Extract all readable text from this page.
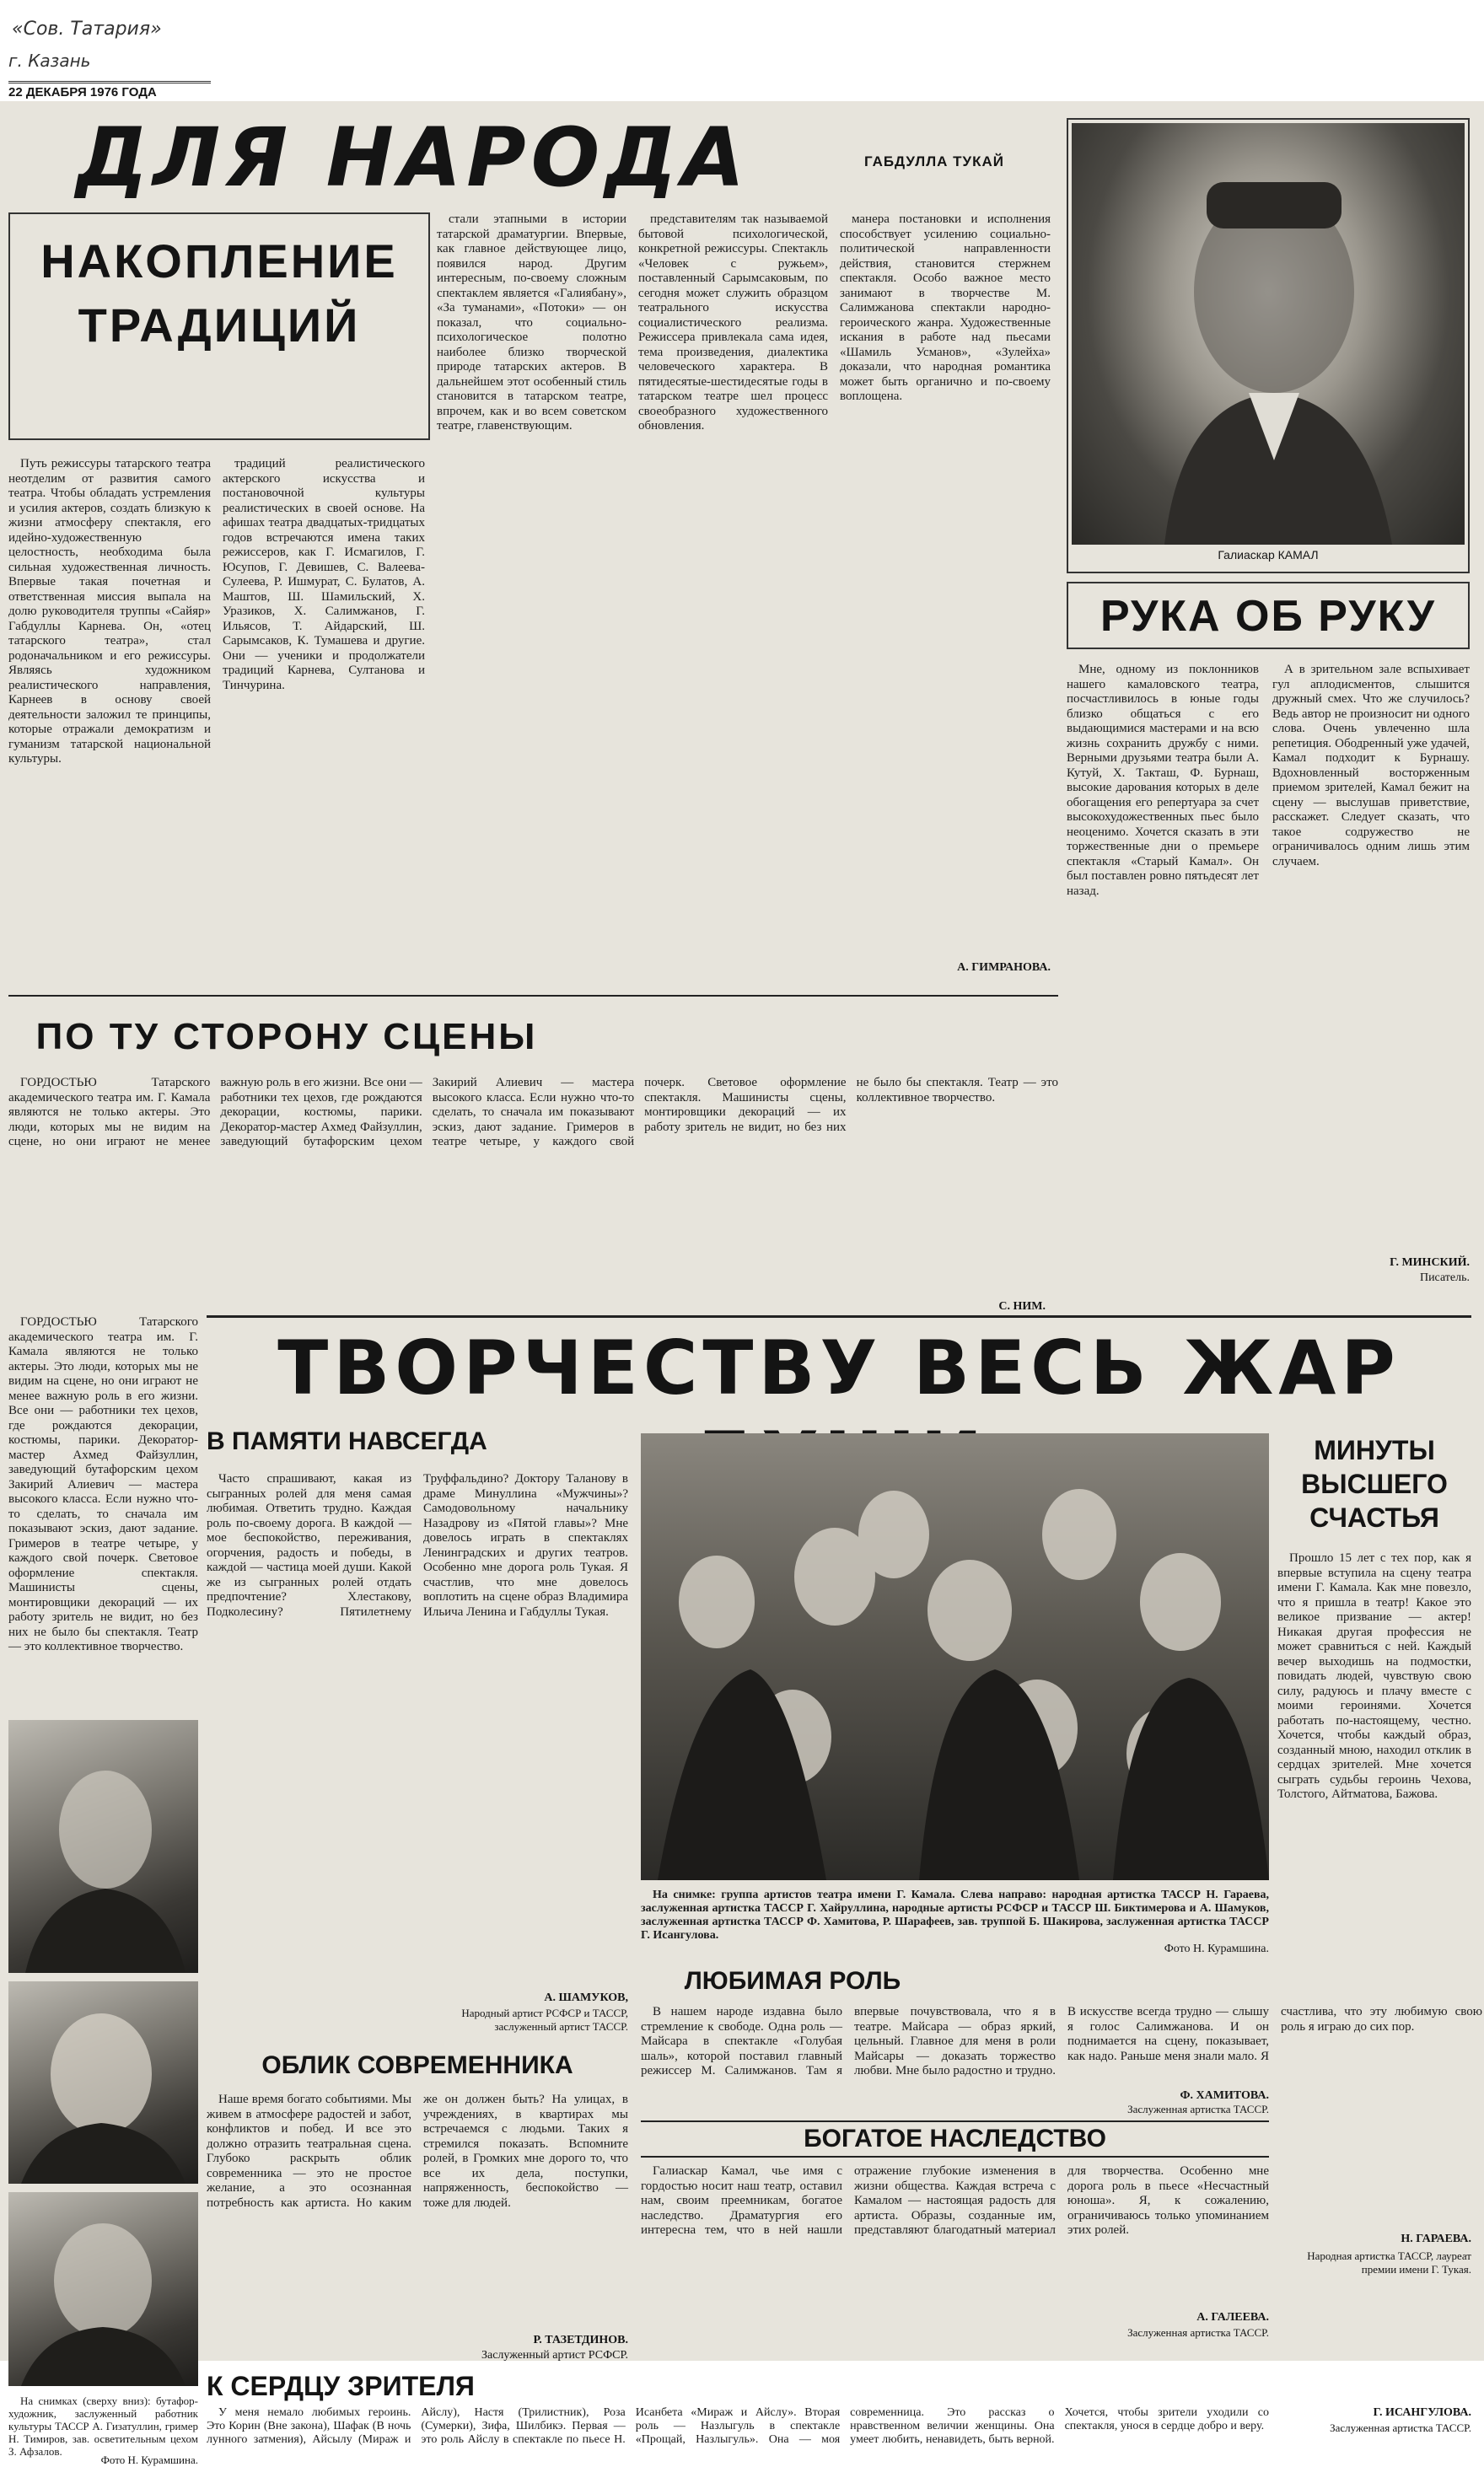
«Сов. Татария»
г. Казань
22 ДЕКАБРЯ 1976 ГОДА
ДЛЯ НАРОДА	ГАБДУЛЛА ТУКАЙ
НАКОПЛЕНИЕ
ТРАДИЦИЙ

Путь режиссуры татарского театра неотделим от развития самого театра. Чтобы обладать устремления и усилия актеров, создать близкую к жизни атмосферу спектакля, его идейно-художественную целостность, необходима была сильная художественная личность. Впервые такая почетная и ответственная миссия выпала на долю руководителя труппы «Сайяр» Габдуллы Карнева. Он, «отец татарского театра», стал родоначальником и его режиссуры. Являясь художником реалистического направления, Карнеев в основу своей деятельности заложил те принципы, которые отражали демократизм и гуманизм татарской национальной культуры.

традиций реалистического актерского искусства и постановочной культуры реалистических в своей основе. На афишах театра двадцатых-тридцатых годов встречаются имена таких режиссеров, как Г. Исмагилов, Г. Юсупов, Г. Девишев, С. Валеева-Сулеева, Р. Ишмурат, С. Булатов, А. Маштов, Ш. Шамильский, Х. Уразиков, Х. Салимжанов, Г. Ильясов, Т. Айдарский, Ш. Сарымсаков, К. Тумашева и другие. Они — ученики и продолжатели традиций Карнева, Султанова и Тинчурина.

стали этапными в истории татарской драматургии. Впервые, как главное действующее лицо, появился народ. Другим интересным, по-своему сложным спектаклем является «Галиябану», «За туманами», «Потоки» — он показал, что социально-психологическое полотно наиболее близко творческой природе татарских актеров. В дальнейшем этот особенный стиль становится в татарском театре, впрочем, как и во всем советском театре, главенствующим.

представителям так называемой бытовой психологической, конкретной режиссуры. Спектакль «Человек с ружьем», поставленный Сарымсаковым, по сегодня может служить образцом театрального искусства социалистического реализма. Режиссера привлекала сама идея, тема произведения, диалектика человеческого характера. В пятидесятые-шестидесятые годы в татарском театре шел процесс своеобразного художественного обновления.

манера постановки и исполнения способствует усилению социально-политической направленности действия, становится стержнем спектакля. Особо важное место занимают в творчестве М. Салимжанова спектакли народно-героического жанра. Художественные искания в работе над пьесами «Шамиль Усманов», «Зулейха» доказали, что народная романтика может быть органично и по-своему воплощена.

А. ГИМРАНОВА.
Галиаскар КАМАЛ
РУКА ОБ РУКУ

Мне, одному из поклонников нашего камаловского театра, посчастливилось в юные годы близко общаться с его выдающимися мастерами и на всю жизнь сохранить дружбу с ними. Верными друзьями театра были А. Кутуй, Х. Такташ, Ф. Бурнаш, высокие дарования которых в деле обогащения его репертуара за счет высокохудожественных пьес было неоценимо. Хочется сказать в эти торжественные дни о премьере спектакля «Старый Камал». Он был поставлен ровно пятьдесят лет назад.

А в зрительном зале вспыхивает гул аплодисментов, слышится дружный смех. Что же случилось? Ведь автор не произносит ни одного слова. Очень увлеченно шла репетиция. Ободренный уже удачей, Камал подходит к Бурнашу. Вдохновленный восторженным приемом зрителей, Камал бежит на сцену — выслушав приветствие, расскажет. Следует сказать, что такое содружество не ограничивалось одним лишь этим случаем.

Г. МИНСКИЙ.
Писатель.
ПО ТУ СТОРОНУ СЦЕНЫ

ГОРДОСТЬЮ Татарского академического театра им. Г. Камала являются не только актеры. Это люди, которых мы не видим на сцене, но они играют не менее важную роль в его жизни. Все они — работники тех цехов, где рождаются декорации, костюмы, парики. Декоратор-мастер Ахмед Файзуллин, заведующий бутафорским цехом Закирий Алиевич — мастера высокого класса. Если нужно что-то сделать, то сначала им показывают эскиз, дают задание. Гримеров в театре четыре, у каждого свой почерк. Световое оформление спектакля. Машинисты сцены, монтировщики декораций — их работу зритель не видит, но без них не было бы спектакля. Театр — это коллективное творчество.

С. НИМ.

ГОРДОСТЬЮ Татарского академического театра им. Г. Камала являются не только актеры. Это люди, которых мы не видим на сцене, но они играют не менее важную роль в его жизни. Все они — работники тех цехов, где рождаются декорации, костюмы, парики. Декоратор-мастер Ахмед Файзуллин, заведующий бутафорским цехом Закирий Алиевич — мастера высокого класса. Если нужно что-то сделать, то сначала им показывают эскиз, дают задание. Гримеров в театре четыре, у каждого свой почерк. Световое оформление спектакля. Машинисты сцены, монтировщики декораций — их работу зритель не видит, но без них не было бы спектакля. Театр — это коллективное творчество.

На снимках (сверху вниз): бутафор-художник, заслуженный работник культуры ТАССР А. Гизатуллин, гример Н. Тимиров, зав. осветительным цехом З. Афзалов.

Фото Н. Курамшина.
ТВОРЧЕСТВУ ВЕСЬ ЖАР
В ПАМЯТИ НАВСЕГДА

Часто спрашивают, какая из сыгранных ролей для меня самая любимая. Ответить трудно. Каждая роль по-своему дорога. В каждой — мое беспокойство, переживания, огорчения, радость и победы, в каждой — частица моей души. Какой же из сыгранных ролей отдать предпочтение? Хлестакову, Подколесину? Пятилетнему Труффальдино? Доктору Таланову в драме Минуллина «Мужчины»? Самодовольному начальнику Назадрову из «Пятой главы»? Мне довелось играть в спектаклях Ленинградских и других театров. Особенно мне дорога роль Тукая. Я счастлив, что мне довелось воплотить на сцене образ Владимира Ильича Ленина и Габдуллы Тукая.

А. ШАМУКОВ,
Народный артист РСФСР и ТАССР, заслуженный артист ТАССР.

На снимке: группа артистов театра имени Г. Камала. Слева направо: народная артистка ТАССР Н. Гараева, заслуженная артистка ТАССР Г. Хайруллина, народные артисты РСФСР и ТАССР Ш. Биктимерова и А. Шамуков, заслуженная артистка ТАССР Ф. Хамитова, Р. Шарафеев, зав. труппой Б. Шакирова, заслуженная артистка ТАССР Г. Исангулова.

Фото Н. Курамшина.
МИНУТЫ
ВЫСШЕГО
СЧАСТЬЯ

Прошло 15 лет с тех пор, как я впервые вступила на сцену театра имени Г. Камала. Как мне повезло, что я пришла в театр! Какое это великое призвание — актер! Никакая другая профессия не может сравниться с ней. Каждый вечер выходишь на подмостки, повидать людей, чувствую свою силу, радуюсь и плачу вместе с моими героинями. Хочется работать по-настоящему, честно. Хочется, чтобы каждый образ, созданный мною, находил отклик в сердцах зрителей. Мне хочется сыграть судьбы героинь Чехова, Толстого, Айтматова, Бажова.

Н. ГАРАЕВА.
Народная артистка ТАССР, лауреат премии имени Г. Тукая.
ОБЛИК СОВРЕМЕННИКА

Наше время богато событиями. Мы живем в атмосфере радостей и забот, конфликтов и побед. И все это должно отразить театральная сцена. Глубоко раскрыть облик современника — это не простое желание, а это осознанная потребность как артиста. Но каким же он должен быть? На улицах, в учреждениях, в квартирах мы встречаемся с людьми. Таких я стремился показать. Вспомните ролей, в Громких мне дорого то, что все их дела, поступки, напряженность, беспокойство — тоже для людей.

Р. ТАЗЕТДИНОВ.
Заслуженный артист РСФСР.
ЛЮБИМАЯ РОЛЬ

В нашем народе издавна было стремление к свободе. Одна роль — Майсара в спектакле «Голубая шаль», которой поставил главный режиссер М. Салимжанов. Там я впервые почувствовала, что я в театре. Майсара — образ яркий, цельный. Главное для меня в роли Майсары — доказать торжество любви. Мне было радостно и трудно. В искусстве всегда трудно — слышу я голос Салимжанова. И он поднимается на сцену, показывает, как надо. Раньше меня знали мало. Я счастлива, что эту любимую свою роль я играю до сих пор.

Ф. ХАМИТОВА.
Заслуженная артистка ТАССР.
БОГАТОЕ НАСЛЕДСТВО

Галиаскар Камал, чье имя с гордостью носит наш театр, оставил нам, своим преемникам, богатое наследство. Драматургия его интересна тем, что в ней нашли отражение глубокие изменения в жизни общества. Каждая встреча с Камалом — настоящая радость для артиста. Образы, созданные им, представляют благодатный материал для творчества. Особенно мне дорога роль в пьесе «Несчастный юноша». Я, к сожалению, ограничиваюсь только упоминанием этих ролей.

А. ГАЛЕЕВА.
Заслуженная артистка ТАССР.
К СЕРДЦУ ЗРИТЕЛЯ

У меня немало любимых героинь. Это Корин (Вне закона), Шафак (В ночь лунного затмения), Айсылу (Мираж и Айслу), Настя (Трилистник), Роза (Сумерки), Зифа, Шилбикэ. Первая — это роль Айслу в спектакле по пьесе Н. Исанбета «Мираж и Айслу». Вторая роль — Назлыгуль в спектакле «Прощай, Назлыгуль». Она — моя современница. Это рассказ о нравственном величии женщины. Она умеет любить, ненавидеть, быть верной. Хочется, чтобы зрители уходили со спектакля, унося в сердце добро и веру.

Г. ИСАНГУЛОВА.
Заслуженная артистка ТАССР.
